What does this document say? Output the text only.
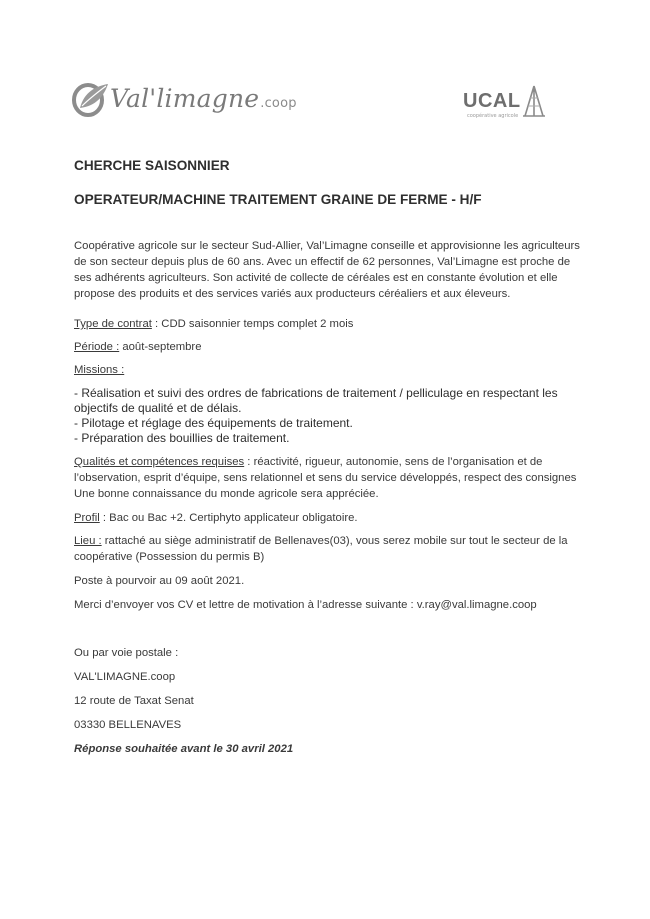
Val'limagne.coop	UCAL
coopérative agricole
CHERCHE SAISONNIER
OPERATEUR/MACHINE TRAITEMENT GRAINE DE FERME - H/F
Coopérative agricole sur le secteur Sud-Allier, Val’Limagne conseille et approvisionne les agriculteurs
de son secteur depuis plus de 60 ans. Avec un effectif de 62 personnes, Val’Limagne est proche de
ses adhérents agriculteurs. Son activité de collecte de céréales est en constante évolution et elle
propose des produits et des services variés aux producteurs céréaliers et aux éleveurs.
Type de contrat : CDD saisonnier temps complet 2 mois
Période : août-septembre
Missions :
- Réalisation et suivi des ordres de fabrications de traitement / pelliculage en respectant les
objectifs de qualité et de délais.
- Pilotage et réglage des équipements de traitement.
- Préparation des bouillies de traitement.
Qualités et compétences requises : réactivité, rigueur, autonomie, sens de l’organisation et de
l’observation, esprit d’équipe, sens relationnel et sens du service développés, respect des consignes
Une bonne connaissance du monde agricole sera appréciée.
Profil : Bac ou Bac +2. Certiphyto applicateur obligatoire.
Lieu : rattaché au siège administratif de Bellenaves(03), vous serez mobile sur tout le secteur de la
coopérative (Possession du permis B)
Poste à pourvoir au 09 août 2021.
Merci d’envoyer vos CV et lettre de motivation à l’adresse suivante : v.ray@val.limagne.coop
Ou par voie postale :
VAL'LIMAGNE.coop
12 route de Taxat Senat
03330 BELLENAVES
Réponse souhaitée avant le 30 avril 2021
